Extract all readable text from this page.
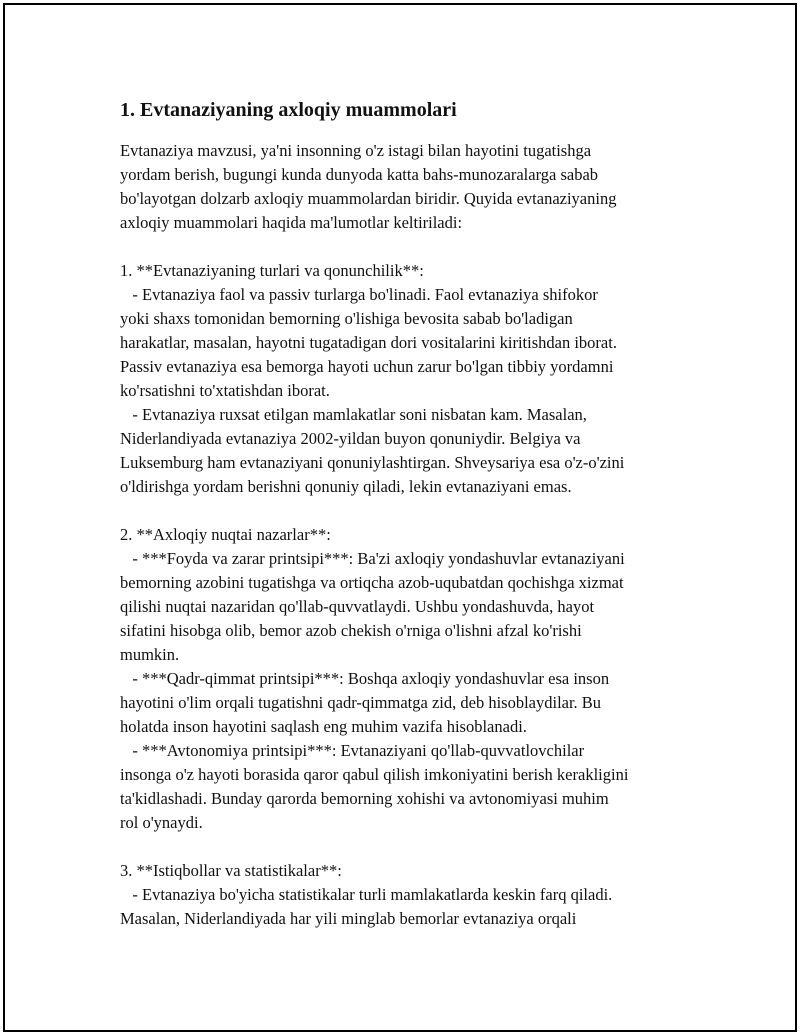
1. Evtanaziyaning axloqiy muammolari
Evtanaziya mavzusi, ya'ni insonning o'z istagi bilan hayotini tugatishga
yordam berish, bugungi kunda dunyoda katta bahs-munozaralarga sabab
bo'layotgan dolzarb axloqiy muammolardan biridir. Quyida evtanaziyaning
axloqiy muammolari haqida ma'lumotlar keltiriladi:
1. **Evtanaziyaning turlari va qonunchilik**:
- Evtanaziya faol va passiv turlarga bo'linadi. Faol evtanaziya shifokor
yoki shaxs tomonidan bemorning o'lishiga bevosita sabab bo'ladigan
harakatlar, masalan, hayotni tugatadigan dori vositalarini kiritishdan iborat.
Passiv evtanaziya esa bemorga hayoti uchun zarur bo'lgan tibbiy yordamni
ko'rsatishni to'xtatishdan iborat.
- Evtanaziya ruxsat etilgan mamlakatlar soni nisbatan kam. Masalan,
Niderlandiyada evtanaziya 2002-yildan buyon qonuniydir. Belgiya va
Luksemburg ham evtanaziyani qonuniylashtirgan. Shveysariya esa o'z-o'zini
o'ldirishga yordam berishni qonuniy qiladi, lekin evtanaziyani emas.
2. **Axloqiy nuqtai nazarlar**:
- ***Foyda va zarar printsipi***: Ba'zi axloqiy yondashuvlar evtanaziyani
bemorning azobini tugatishga va ortiqcha azob-uqubatdan qochishga xizmat
qilishi nuqtai nazaridan qo'llab-quvvatlaydi. Ushbu yondashuvda, hayot
sifatini hisobga olib, bemor azob chekish o'rniga o'lishni afzal ko'rishi
mumkin.
- ***Qadr-qimmat printsipi***: Boshqa axloqiy yondashuvlar esa inson
hayotini o'lim orqali tugatishni qadr-qimmatga zid, deb hisoblaydilar. Bu
holatda inson hayotini saqlash eng muhim vazifa hisoblanadi.
- ***Avtonomiya printsipi***: Evtanaziyani qo'llab-quvvatlovchilar
insonga o'z hayoti borasida qaror qabul qilish imkoniyatini berish kerakligini
ta'kidlashadi. Bunday qarorda bemorning xohishi va avtonomiyasi muhim
rol o'ynaydi.
3. **Istiqbollar va statistikalar**:
- Evtanaziya bo'yicha statistikalar turli mamlakatlarda keskin farq qiladi.
Masalan, Niderlandiyada har yili minglab bemorlar evtanaziya orqali
